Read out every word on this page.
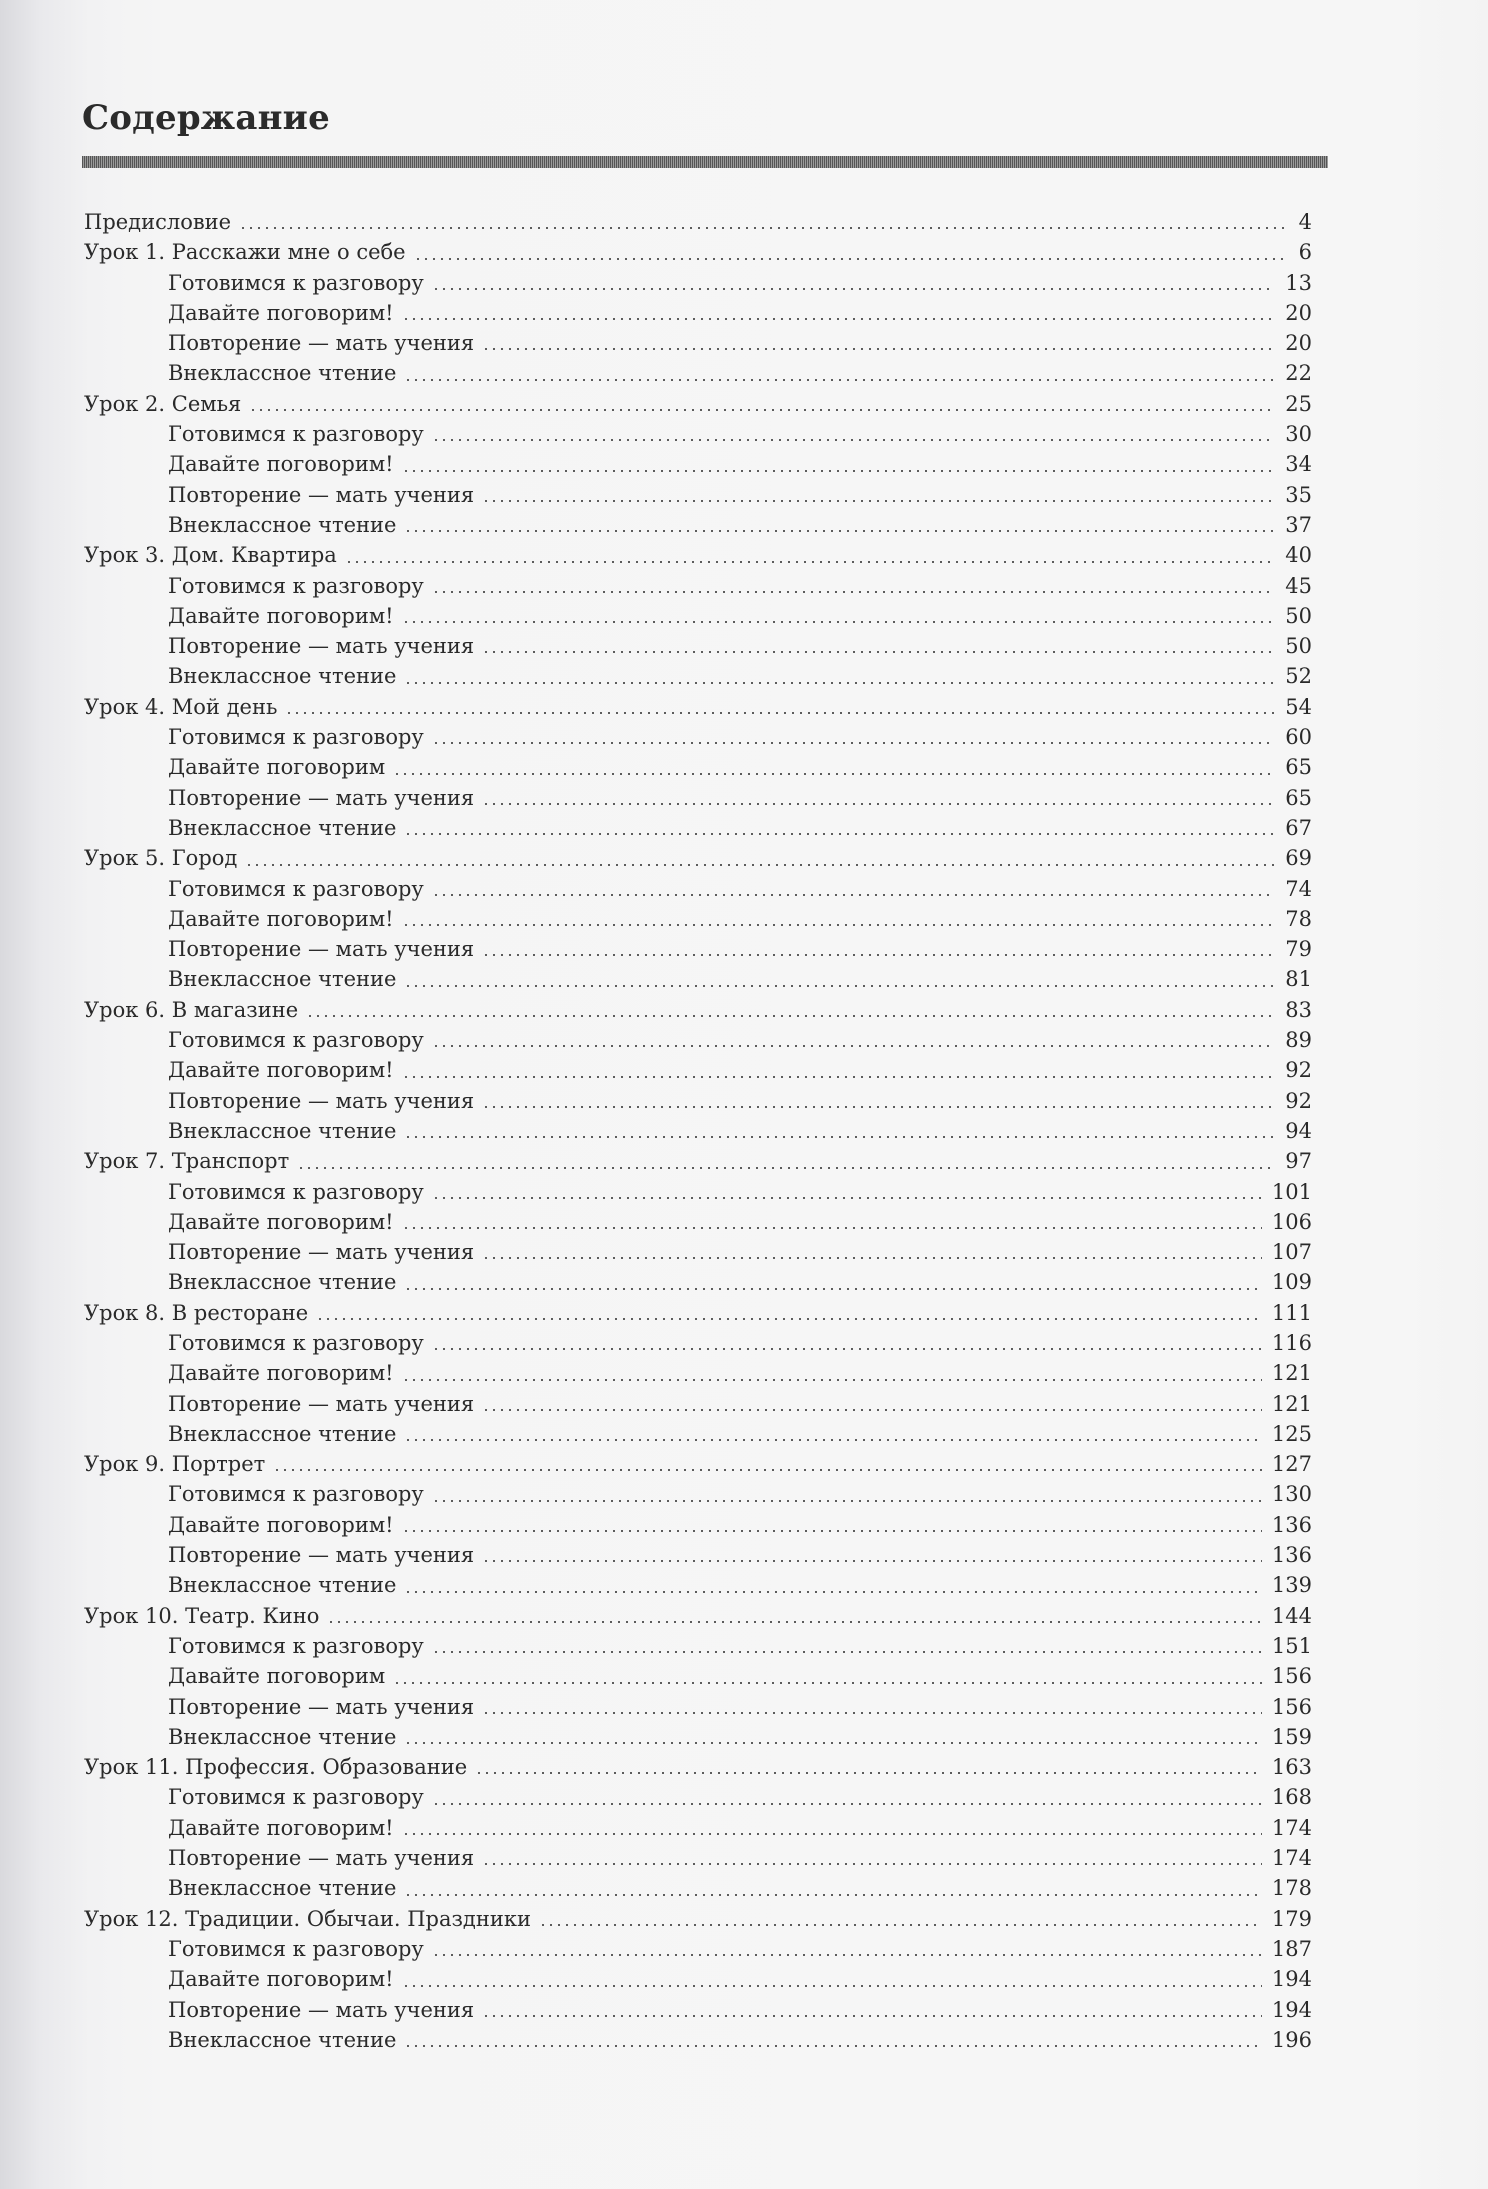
Содержание
Предисловие	4
Урок 1. Расскажи мне о себе	6
Готовимся к разговору	13
Давайте поговорим!	20
Повторение — мать учения	20
Внеклассное чтение	22
Урок 2. Семья	25
Готовимся к разговору	30
Давайте поговорим!	34
Повторение — мать учения	35
Внеклассное чтение	37
Урок 3. Дом. Квартира	40
Готовимся к разговору	45
Давайте поговорим!	50
Повторение — мать учения	50
Внеклассное чтение	52
Урок 4. Мой день	54
Готовимся к разговору	60
Давайте поговорим	65
Повторение — мать учения	65
Внеклассное чтение	67
Урок 5. Город	69
Готовимся к разговору	74
Давайте поговорим!	78
Повторение — мать учения	79
Внеклассное чтение	81
Урок 6. В магазине	83
Готовимся к разговору	89
Давайте поговорим!	92
Повторение — мать учения	92
Внеклассное чтение	94
Урок 7. Транспорт	97
Готовимся к разговору	101
Давайте поговорим!	106
Повторение — мать учения	107
Внеклассное чтение	109
Урок 8. В ресторане	111
Готовимся к разговору	116
Давайте поговорим!	121
Повторение — мать учения	121
Внеклассное чтение	125
Урок 9. Портрет	127
Готовимся к разговору	130
Давайте поговорим!	136
Повторение — мать учения	136
Внеклассное чтение	139
Урок 10. Театр. Кино	144
Готовимся к разговору	151
Давайте поговорим	156
Повторение — мать учения	156
Внеклассное чтение	159
Урок 11. Профессия. Образование	163
Готовимся к разговору	168
Давайте поговорим!	174
Повторение — мать учения	174
Внеклассное чтение	178
Урок 12. Традиции. Обычаи. Праздники	179
Готовимся к разговору	187
Давайте поговорим!	194
Повторение — мать учения	194
Внеклассное чтение	196
